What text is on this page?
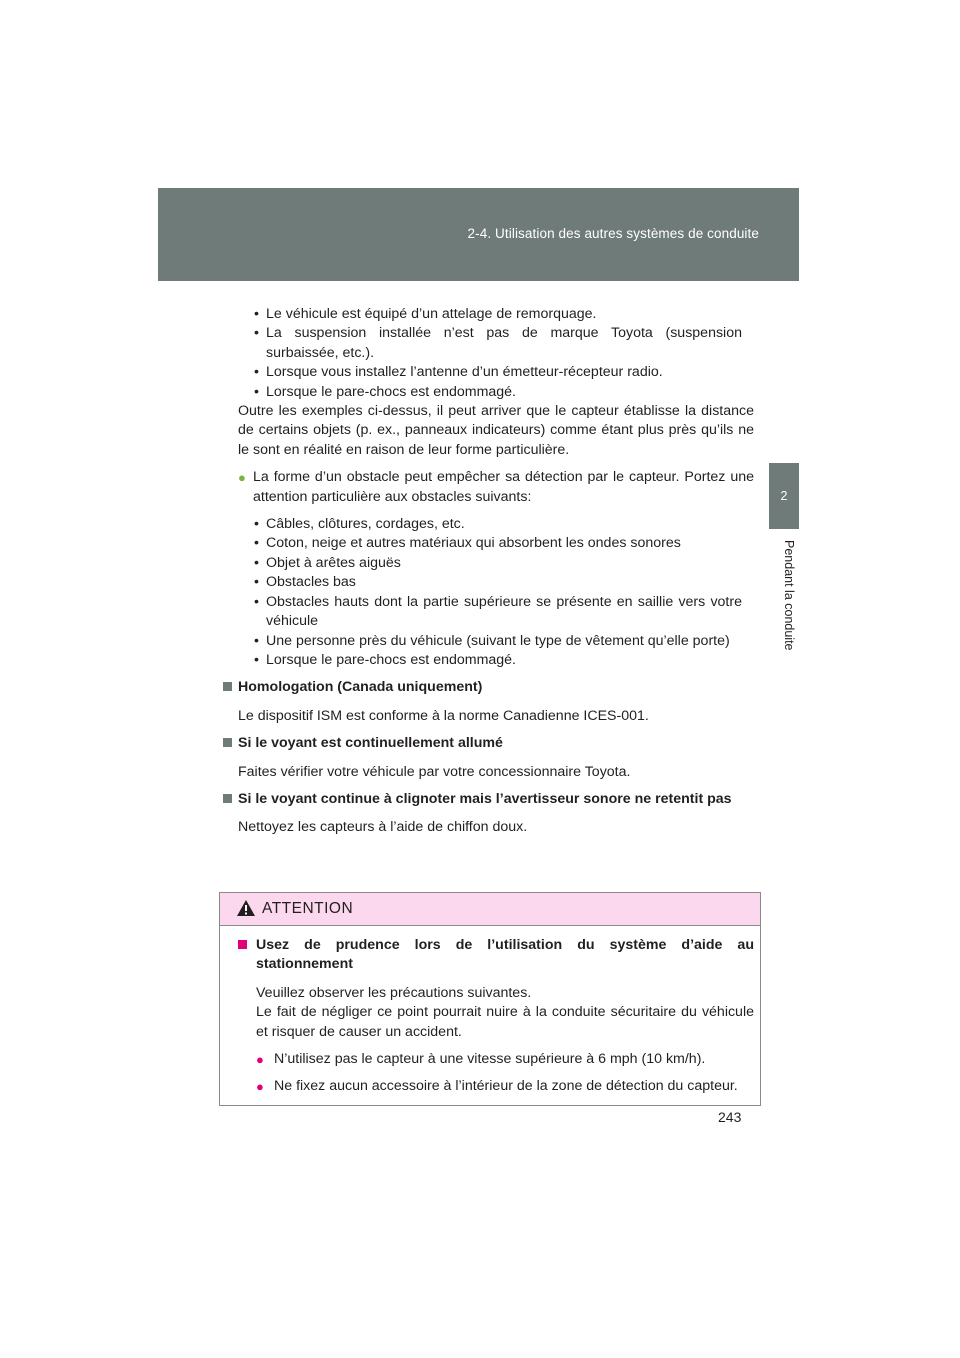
2-4. Utilisation des autres systèmes de conduite
2
Pendant la conduite
• Le véhicule est équipé d’un attelage de remorquage.
• La suspension installée n’est pas de marque Toyota (suspension surbaissée, etc.).
• Lorsque vous installez l’antenne d’un émetteur-récepteur radio.
• Lorsque le pare-chocs est endommagé.

Outre les exemples ci-dessus, il peut arriver que le capteur établisse la distance de certains objets (p. ex., panneaux indicateurs) comme étant plus près qu’ils ne le sont en réalité en raison de leur forme particulière.

● La forme d’un obstacle peut empêcher sa détection par le capteur. Portez une attention particulière aux obstacles suivants:

• Câbles, clôtures, cordages, etc.
• Coton, neige et autres matériaux qui absorbent les ondes sonores
• Objet à arêtes aiguës
• Obstacles bas
• Obstacles hauts dont la partie supérieure se présente en saillie vers votre véhicule
• Une personne près du véhicule (suivant le type de vêtement qu’elle porte)
• Lorsque le pare-chocs est endommagé.
Homologation (Canada uniquement)

Le dispositif ISM est conforme à la norme Canadienne ICES-001.

Si le voyant est continuellement allumé

Faites vérifier votre véhicule par votre concessionnaire Toyota.

Si le voyant continue à clignoter mais l’avertisseur sonore ne retentit pas

Nettoyez les capteurs à l’aide de chiffon doux.

ATTENTION
Usez de prudence lors de l’utilisation du système d’aide au stationnement

Veuillez observer les précautions suivantes.

Le fait de négliger ce point pourrait nuire à la conduite sécuritaire du véhicule et risquer de causer un accident.

● N’utilisez pas le capteur à une vitesse supérieure à 6 mph (10 km/h).

● Ne fixez aucun accessoire à l’intérieur de la zone de détection du capteur.

243
